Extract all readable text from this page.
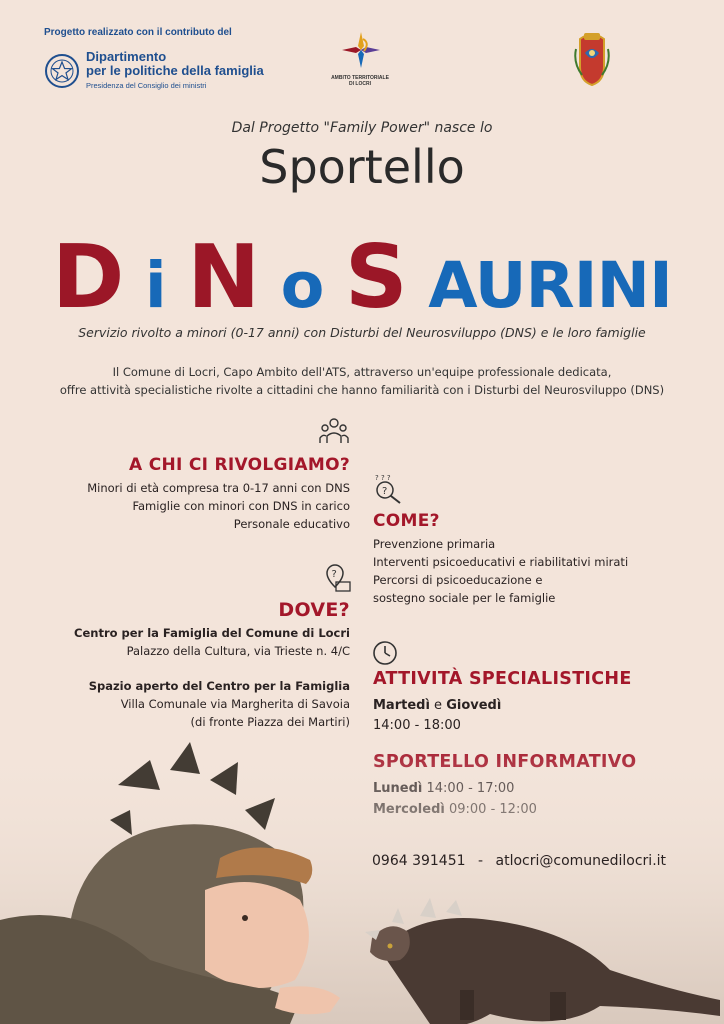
Progetto realizzato con il contributo del
Dipartimento
per le politiche della famiglia
Presidenza del Consiglio dei ministri
AMBITO TERRITORIALE
DI LOCRI
Dal Progetto "Family Power" nasce lo
Sportello
D i N o S AURINI
Servizio rivolto a minori (0-17 anni) con Disturbi del Neurosviluppo (DNS) e le loro famiglie
Il Comune di Locri, Capo Ambito dell'ATS, attraverso un'equipe professionale dedicata,
offre attività specialistiche rivolte a cittadini che hanno familiarità con i Disturbi del Neurosviluppo (DNS)
A CHI CI RIVOLGIAMO?
Minori di età compresa tra 0-17 anni con DNS
Famiglie con minori con DNS in carico
Personale educativo
?
? ? ?
COME?
Prevenzione primaria
Interventi psicoeducativi e riabilitativi mirati
Percorsi di psicoeducazione e
sostegno sociale per le famiglie
?
DOVE?
Centro per la Famiglia del Comune di Locri
Palazzo della Cultura, via Trieste n. 4/C
Spazio aperto del Centro per la Famiglia
Villa Comunale via Margherita di Savoia
(di fronte Piazza dei Martiri)
ATTIVITÀ SPECIALISTICHE
Martedì e Giovedì
14:00 - 18:00
0964 391451 - atlocri@comunedilocri.it
